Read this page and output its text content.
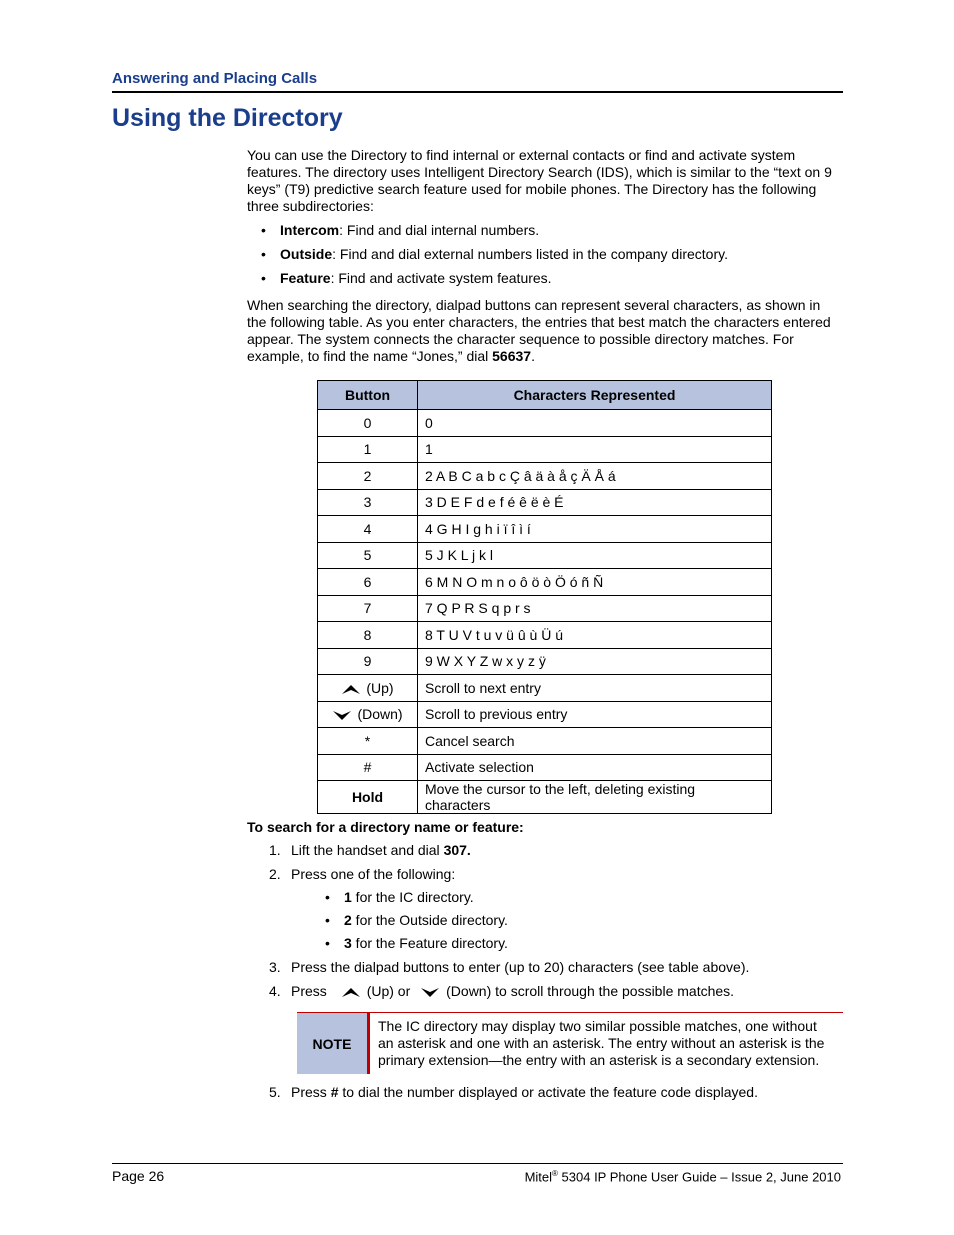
Answering and Placing Calls
Using the Directory

You can use the Directory to find internal or external contacts or find and activate system features. The directory uses Intelligent Directory Search (IDS), which is similar to the “text on 9 keys” (T9) predictive search feature used for mobile phones. The Directory has the following three subdirectories:

• Intercom: Find and dial internal numbers.
• Outside: Find and dial external numbers listed in the company directory.
• Feature: Find and activate system features.

When searching the directory, dialpad buttons can represent several characters, as shown in the following table. As you enter characters, the entries that best match the characters entered appear. The system connects the character sequence to possible directory matches. For example, to find the name “Jones,” dial 56637.

Button	Characters Represented
0	0
1	1
2	2 A B C a b c Ç â ä à å ç Ä Å á
3	3 D E F d e f é ê ë è É
4	4 G H I g h i ï î ì í
5	5 J K L j k l
6	6 M N O m n o ô ö ò Ö ó ñ Ñ
7	7 Q P R S q p r s
8	8 T U V t u v ü û ù Ü ú
9	9 W X Y Z w x y z ÿ
(Up)	Scroll to next entry
(Down)	Scroll to previous entry
*	Cancel search
#	Activate selection
Hold	Move the cursor to the left, deleting existing characters
To search for a directory name or feature:
1. Lift the handset and dial 307.
2. Press one of the following:
• 1 for the IC directory.
• 2 for the Outside directory.
• 3 for the Feature directory.
3. Press the dialpad buttons to enter (up to 20) characters (see table above).
4. Press	(Up) or	(Down) to scroll through the possible matches.
NOTE
The IC directory may display two similar possible matches, one without an asterisk and one with an asterisk. The entry without an asterisk is the primary extension—the entry with an asterisk is a secondary extension.
5. Press # to dial the number displayed or activate the feature code displayed.
Page 26	Mitel® 5304 IP Phone User Guide – Issue 2, June 2010
